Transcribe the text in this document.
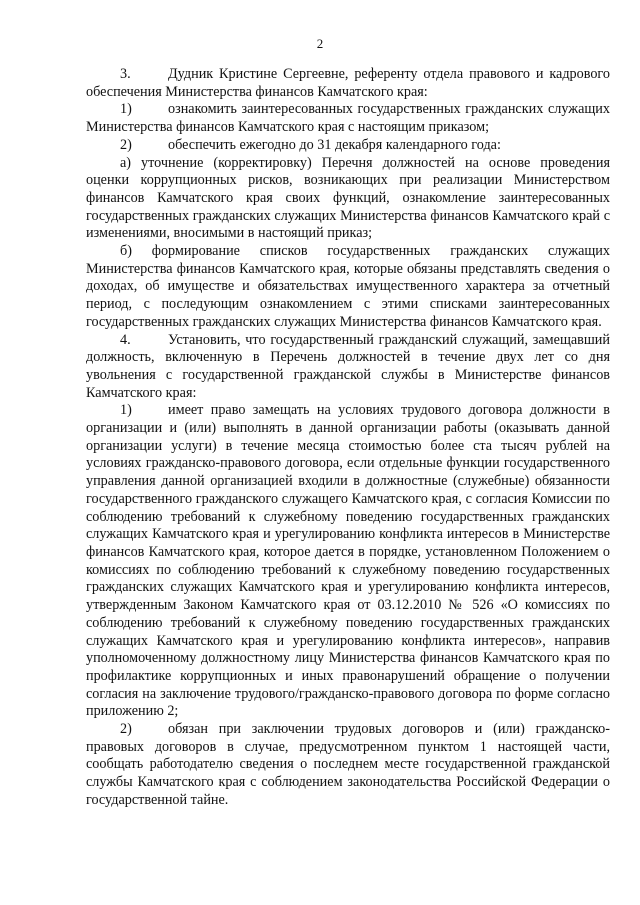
2

3.	Дудник Кристине Сергеевне, референту отдела правового и кадрового обеспечения Министерства финансов Камчатского края:

1)	ознакомить заинтересованных государственных гражданских служащих Министерства финансов Камчатского края с настоящим приказом;

2)	обеспечить ежегодно до 31 декабря календарного года:

а) уточнение (корректировку) Перечня должностей на основе проведения оценки коррупционных рисков, возникающих при реализации Министерством финансов Камчатского края своих функций, ознакомление заинтересованных государственных гражданских служащих Министерства финансов Камчатского край с изменениями, вносимыми в настоящий приказ;

б) формирование списков государственных гражданских служащих Министерства финансов Камчатского края, которые обязаны представлять сведения о доходах, об имуществе и обязательствах имущественного характера за отчетный период, с последующим ознакомлением с этими списками заинтересованных государственных гражданских служащих Министерства финансов Камчатского края.

4.	Установить, что государственный гражданский служащий, замещавший должность, включенную в Перечень должностей в течение двух лет со дня увольнения с государственной гражданской службы в Министерстве финансов Камчатского края:

1)	имеет право замещать на условиях трудового договора должности в организации и (или) выполнять в данной организации работы (оказывать данной организации услуги) в течение месяца стоимостью более ста тысяч рублей на условиях гражданско-правового договора, если отдельные функции государственного управления данной организацией входили в должностные (служебные) обязанности государственного гражданского служащего Камчатского края, с согласия Комиссии по соблюдению требований к служебному поведению государственных гражданских служащих Камчатского края и урегулированию конфликта интересов в Министерстве финансов Камчатского края, которое дается в порядке, установленном Положением о комиссиях по соблюдению требований к служебному поведению государственных гражданских служащих Камчатского края и урегулированию конфликта интересов, утвержденным Законом Камчатского края от 03.12.2010 № 526 «О комиссиях по соблюдению требований к служебному поведению государственных гражданских служащих Камчатского края и урегулированию конфликта интересов», направив уполномоченному должностному лицу Министерства финансов Камчатского края по профилактике коррупционных и иных правонарушений обращение о получении согласия на заключение трудового/гражданско-правового договора по форме согласно приложению 2;

2)	обязан при заключении трудовых договоров и (или) гражданско-правовых договоров в случае, предусмотренном пунктом 1 настоящей части, сообщать работодателю сведения о последнем месте государственной гражданской службы Камчатского края с соблюдением законодательства Российской Федерации о государственной тайне.
